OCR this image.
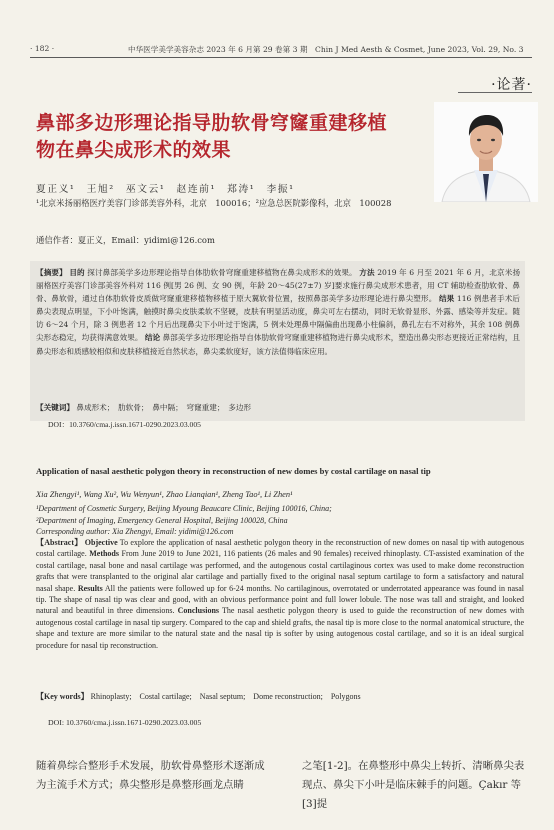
· 182 ·	中华医学美学美容杂志 2023 年 6 月第 29 卷第 3 期　Chin J Med Aesth & Cosmet, June 2023, Vol. 29, No. 3
·论著·
鼻部多边形理论指导肋软骨穹窿重建移植物在鼻尖成形术的效果
夏正义¹　王旭²　巫文云¹　赵连前¹　郑涛¹　李振¹
¹北京米扬丽格医疗美容门诊部美容外科，北京　100016；²应急总医院影像科，北京　100028
通信作者：夏正义，Email：yidimi@126.com
【摘要】 目的 探讨鼻部美学多边形理论指导自体肋软骨穹窿重建移植物在鼻尖成形术的效果。 方法 2019 年 6 月至 2021 年 6 月，北京米扬丽格医疗美容门诊部美容外科对 116 例[男 26 例、女 90 例，年龄 20～45(27±7) 岁]要求施行鼻尖成形术患者，用 CT 辅助检查肋软骨、鼻骨、鼻软骨，通过自体肋软骨皮质做穹窿重建移植物移植于原大翼软骨位置，按照鼻部美学多边形理论进行鼻尖塑形。 结果 116 例患者手术后鼻尖表现点明显，下小叶饱满，触摸时鼻尖皮肤柔软不坚硬，皮肤有明显活动度，鼻尖可左右摆动，同时无软骨显形、外露、感染等并发症。随访 6～24 个月，除 3 例患者 12 个月后出现鼻尖下小叶过于饱满，5 例未处理鼻中隔偏曲出现鼻小柱偏斜，鼻孔左右不对称外，其余 108 例鼻尖形态稳定，均获得满意效果。 结论 鼻部美学多边形理论指导自体肋软骨穹窿重建移植物进行鼻尖成形术，塑造出鼻尖形态更接近正常结构，且鼻尖形态和质感较相似和皮肤移植接近自然状态，鼻尖柔软度好，该方法值得临床应用。
【关键词】 鼻成形术；　肋软骨；　鼻中隔；　穹窿重建；　多边形
DOI：10.3760/cma.j.issn.1671-0290.2023.03.005
Application of nasal aesthetic polygon theory in reconstruction of new domes by costal cartilage on nasal tip
Xia Zhengyi¹, Wang Xu², Wu Wenyun¹, Zhao Lianqian¹, Zheng Tao¹, Li Zhen¹
¹Department of Cosmetic Surgery, Beijing Myoung Beaucare Clinic, Beijing 100016, China;
²Department of Imaging, Emergency General Hospital, Beijing 100028, China
Corresponding author: Xia Zhengyi, Email: yidimi@126.com
【Abstract】 Objective To explore the application of nasal aesthetic polygon theory in the reconstruction of new domes on nasal tip with autogenous costal cartilage. Methods From June 2019 to June 2021, 116 patients (26 males and 90 females) received rhinoplasty. CT-assisted examination of the costal cartilage, nasal bone and nasal cartilage was performed, and the autogenous costal cartilaginous cortex was used to make dome reconstruction grafts that were transplanted to the original alar cartilage and partially fixed to the original nasal septum cartilage to form a satisfactory and natural nasal shape. Results All the patients were followed up for 6-24 months. No cartilaginous, overrotated or underrotated appearance was found in nasal tip. The shape of nasal tip was clear and good, with an obvious performance point and full lower lobule. The nose was tall and straight, and looked natural and beautiful in three dimensions. Conclusions The nasal aesthetic polygon theory is used to guide the reconstruction of new domes with autogenous costal cartilage in nasal tip surgery. Compared to the cap and shield grafts, the nasal tip is more close to the normal anatomical structure, the shape and texture are more similar to the natural state and the nasal tip is softer by using autogenous costal cartilage, and so it is an ideal surgical procedure for nasal tip reconstruction.
【Key words】 Rhinoplasty;　Costal cartilage;　Nasal septum;　Dome reconstruction;　Polygons
DOI: 10.3760/cma.j.issn.1671-0290.2023.03.005
随着鼻综合整形手术发展，肋软骨鼻整形术逐渐成为主流手术方式；鼻尖整形是鼻整形画龙点睛
之笔[1-2]。在鼻整形中鼻尖上转折、清晰鼻尖表现点、鼻尖下小叶是临床棘手的问题。Çakır 等[3]提
